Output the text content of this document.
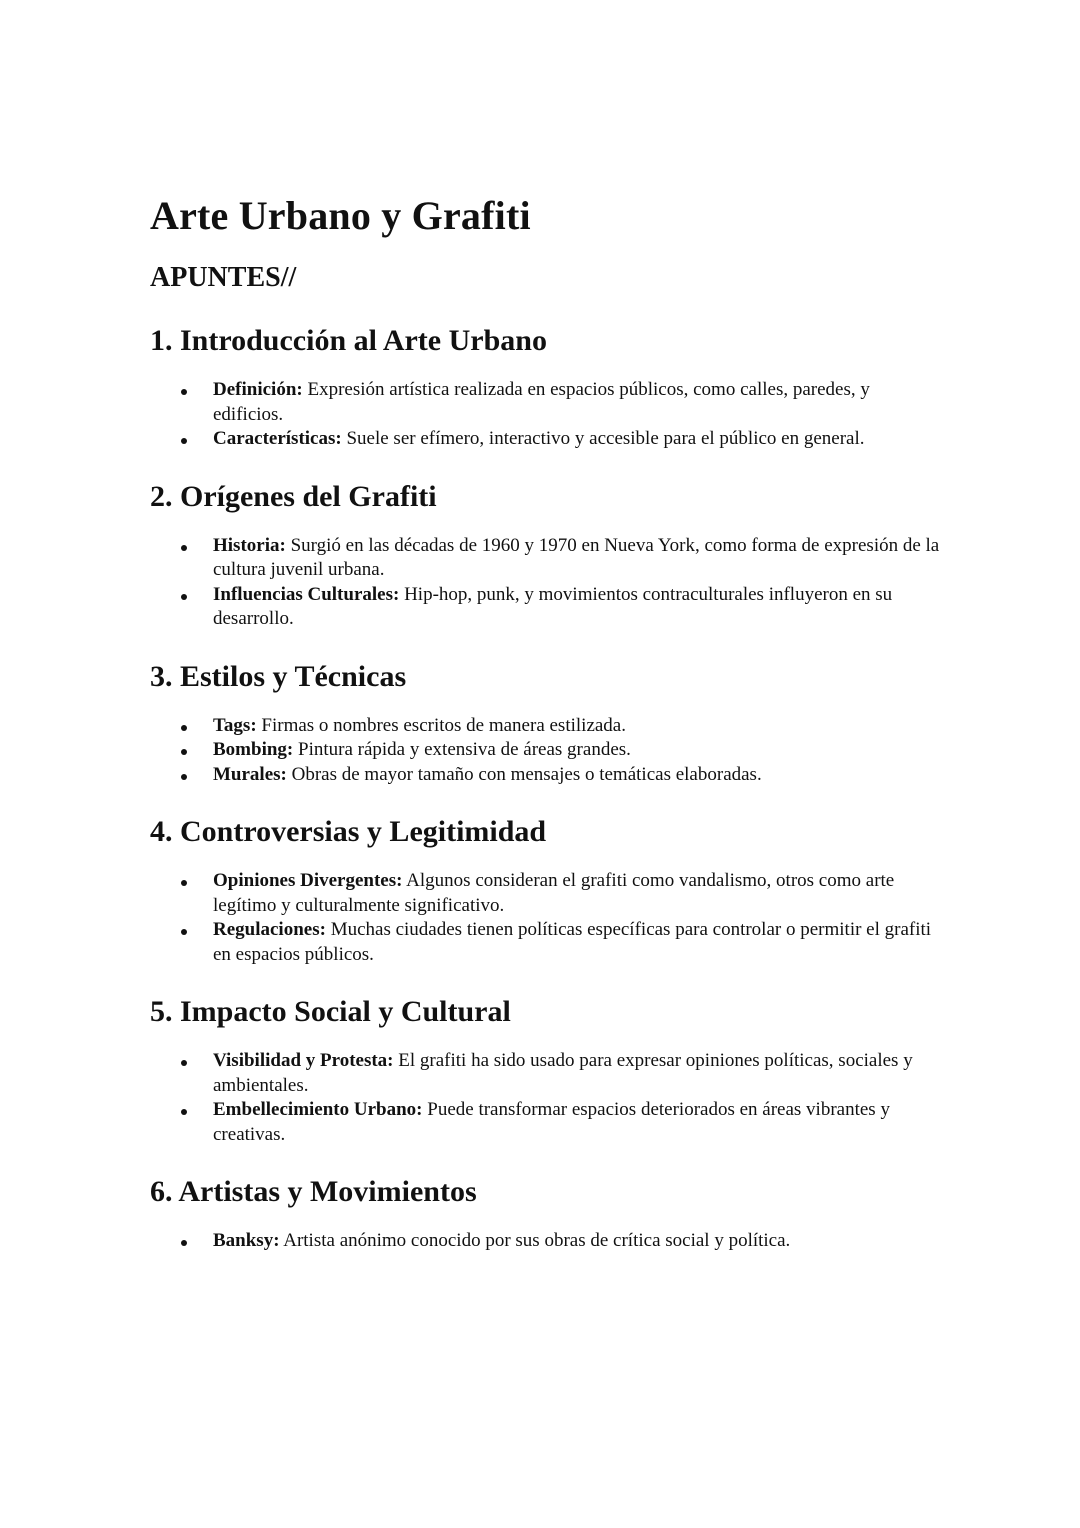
Arte Urbano y Grafiti
APUNTES//
1. Introducción al Arte Urbano
Definición: Expresión artística realizada en espacios públicos, como calles, paredes, y edificios.
Características: Suele ser efímero, interactivo y accesible para el público en general.
2. Orígenes del Grafiti
Historia: Surgió en las décadas de 1960 y 1970 en Nueva York, como forma de expresión de la cultura juvenil urbana.
Influencias Culturales: Hip-hop, punk, y movimientos contraculturales influyeron en su desarrollo.
3. Estilos y Técnicas
Tags: Firmas o nombres escritos de manera estilizada.
Bombing: Pintura rápida y extensiva de áreas grandes.
Murales: Obras de mayor tamaño con mensajes o temáticas elaboradas.
4. Controversias y Legitimidad
Opiniones Divergentes: Algunos consideran el grafiti como vandalismo, otros como arte legítimo y culturalmente significativo.
Regulaciones: Muchas ciudades tienen políticas específicas para controlar o permitir el grafiti en espacios públicos.
5. Impacto Social y Cultural
Visibilidad y Protesta: El grafiti ha sido usado para expresar opiniones políticas, sociales y ambientales.
Embellecimiento Urbano: Puede transformar espacios deteriorados en áreas vibrantes y creativas.
6. Artistas y Movimientos
Banksy: Artista anónimo conocido por sus obras de crítica social y política.
